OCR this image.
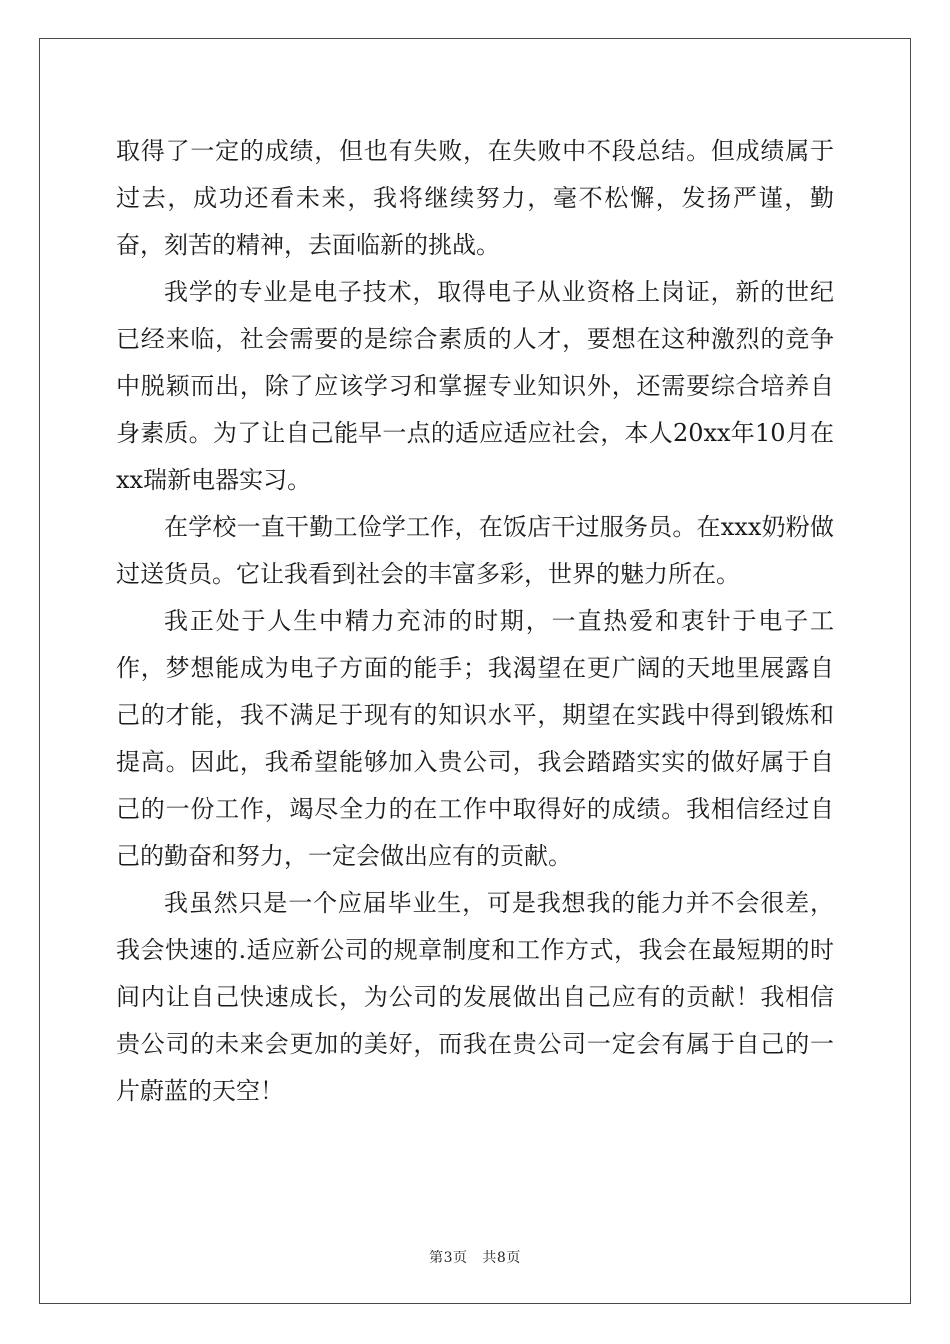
取得了一定的成绩，但也有失败，在失败中不段总结。但成绩属于过去，成功还看未来，我将继续努力，毫不松懈，发扬严谨，勤奋，刻苦的精神，去面临新的挑战。

我学的专业是电子技术，取得电子从业资格上岗证，新的世纪已经来临，社会需要的是综合素质的人才，要想在这种激烈的竞争中脱颖而出，除了应该学习和掌握专业知识外，还需要综合培养自身素质。为了让自己能早一点的适应适应社会，本人20xx年10月在xx瑞新电器实习。

在学校一直干勤工俭学工作，在饭店干过服务员。在xxx奶粉做过送货员。它让我看到社会的丰富多彩，世界的魅力所在。

我正处于人生中精力充沛的时期，一直热爱和衷针于电子工作，梦想能成为电子方面的能手；我渴望在更广阔的天地里展露自己的才能，我不满足于现有的知识水平，期望在实践中得到锻炼和提高。因此，我希望能够加入贵公司，我会踏踏实实的做好属于自己的一份工作，竭尽全力的在工作中取得好的成绩。我相信经过自己的勤奋和努力，一定会做出应有的贡献。

我虽然只是一个应届毕业生，可是我想我的能力并不会很差，我会快速的.适应新公司的规章制度和工作方式，我会在最短期的时间内让自己快速成长，为公司的发展做出自己应有的贡献！我相信贵公司的未来会更加的美好，而我在贵公司一定会有属于自己的一片蔚蓝的天空！

第3页 共8页
